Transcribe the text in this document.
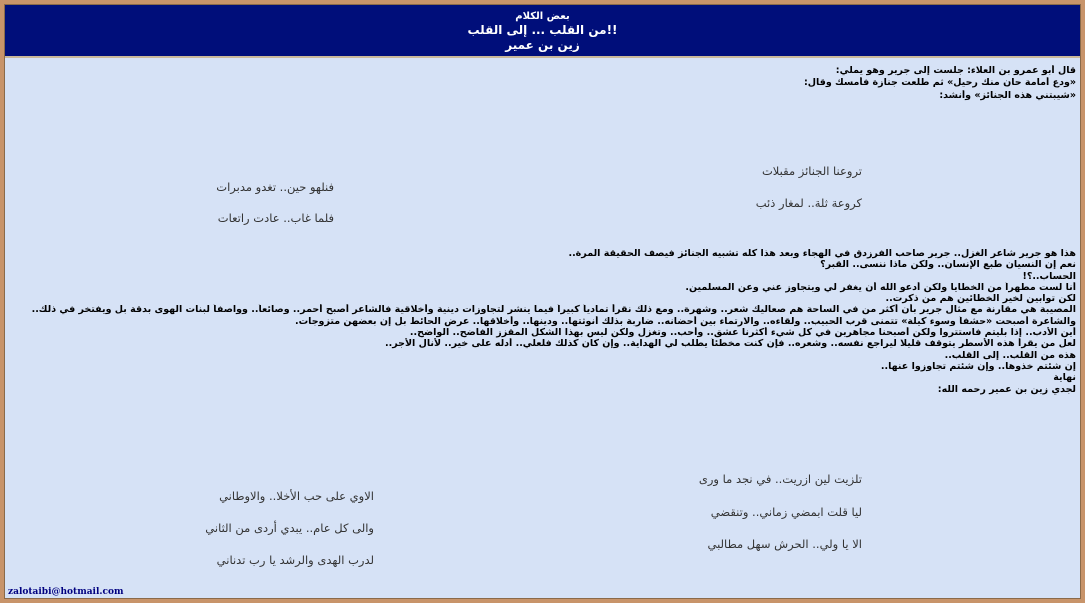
بعض الكلام
من القلب ... إلى القلب!!
زين بن عمير
قال أبو عمرو بن العلاء: جلست إلى جرير وهو يملي:
«ودع أمامة حان منك رحيل» ثم طلعت جنازة فأمسك وقال:
«شيبتني هذه الجنائز» وأنشد:
تروعنا الجنائز مقبلات
كروعة ثلة.. لمغار ذئب
فنلهو حين.. تغدو مدبرات
فلما غاب.. عادت راتعات
هذا هو جرير شاعر الغزل.. جرير صاحب الفرزدق في الهجاء وبعد هذا كله تشبيه الجنائز فيصف الحقيقة المرة..
نعم إن النسيان طبع الإنسان.. ولكن ماذا ننسى.. القبر؟
الحساب..؟!
أنا لست مطهراً من الخطايا ولكن أدعو الله أن يغفر لي ويتجاوز عني وعن المسلمين.
لكن توابين لخير الخطائين هم من ذكرت..
المصيبة هي مقارنة مع مثال جرير بأن أكثر من في الساحة هم صعاليك شعر.. وشهرة.. ومع ذلك نقرأ تمادياً كبيراً فيما ينشر لتجاوزات دينية وأخلاقية فالشاعر أصبح أحمر.. وصائعاً.. وواصفاً لبنات الهوى بدقة بل ويفتخر في ذلك..
والشاعرة أصبحت «حشفاً وسوء كيلة» تتمنى قرب الحبيب.. ولقاءه.. والارتماء بين أحضانه.. ضاربة بذلك أنوثتها.. ودينها.. وأخلاقها.. عرض الحائط بل إن بعضهن متزوجات.
أين الأدب.. إذا بليتم فاستتروا ولكن أصبحنا مجاهرين في كل شيء أكثرنا عشق.. وأحب.. وتغزل ولكن ليس بهذا الشكل المقزز الفاضح.. الواضح..
لعل من يقرأ هذه الأسطر يتوقف قليلا ليراجع نفسه.. وشعره.. فإن كنت مخطئاً يطلب لي الهداية.. وإن كان كذلك فلعلي.. أدله على خير.. لأنال الأجر..
هذه من القلب.. إلى القلب..
إن شئتم خذوها.. وإن شئتم تجاوزوا عنها..
نهاية
لجدي زين بن عمير رحمه الله:
تلزيت لين ازريت.. في نجد ما ورى
ليا قلت ابمضي زماني.. وتنقضي
الا يا ولي.. الحرش سهل مطالبي
الاوي على حب الأخلا.. والاوطاني
والى كل عام.. يبدي أردى من الثاني
لدرب الهدى والرشد يا رب تدناني
zalotaibi@hotmail.com
